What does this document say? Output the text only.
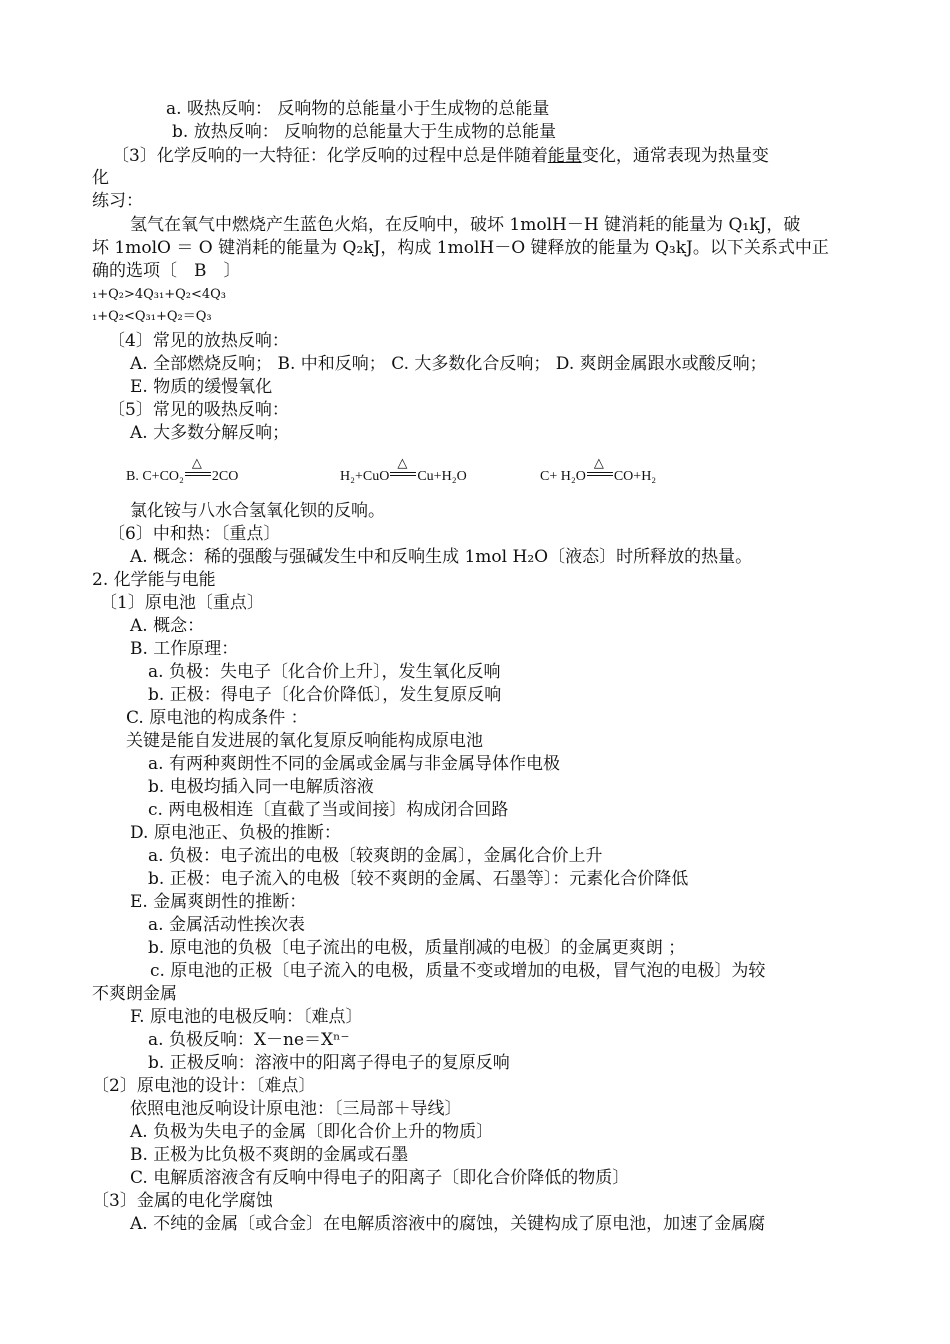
a. 吸热反响： 反响物的总能量小于生成物的总能量
b. 放热反响： 反响物的总能量大于生成物的总能量
〔3〕化学反响的一大特征：化学反响的过程中总是伴随着能量变化，通常表现为热量变
化
练习：
氢气在氧气中燃烧产生蓝色火焰，在反响中，破坏 1molH－H 键消耗的能量为 Q₁kJ，破
坏 1molO ＝ O 键消耗的能量为 Q₂kJ，构成 1molH－O 键释放的能量为 Q₃kJ。以下关系式中正
确的选项〔　B　〕
₁+Q₂>4Q₃₁+Q₂<4Q₃
₁+Q₂<Q₃₁+Q₂＝Q₃
〔4〕常见的放热反响：
A. 全部燃烧反响； B. 中和反响； C. 大多数化合反响； D. 爽朗金属跟水或酸反响；
E. 物质的缓慢氧化
〔5〕常见的吸热反响：
A. 大多数分解反响；
B. C+CO₂
△
2CO	H₂+CuO
△
Cu+H₂O	C+ H₂O
△
CO+H₂
氯化铵与八水合氢氧化钡的反响。
〔6〕中和热：〔重点〕
A. 概念：稀的强酸与强碱发生中和反响生成 1mol H₂O〔液态〕时所释放的热量。
2. 化学能与电能
〔1〕原电池〔重点〕
A. 概念：
B. 工作原理：
a. 负极：失电子〔化合价上升〕，发生氧化反响
b. 正极：得电子〔化合价降低〕，发生复原反响
C. 原电池的构成条件 ：
关键是能自发进展的氧化复原反响能构成原电池
a. 有两种爽朗性不同的金属或金属与非金属导体作电极
b. 电极均插入同一电解质溶液
c. 两电极相连〔直截了当或间接〕构成闭合回路
D. 原电池正、负极的推断：
a. 负极：电子流出的电极〔较爽朗的金属〕，金属化合价上升
b. 正极：电子流入的电极〔较不爽朗的金属、石墨等〕：元素化合价降低
E. 金属爽朗性的推断：
a. 金属活动性挨次表
b. 原电池的负极〔电子流出的电极，质量削减的电极〕的金属更爽朗 ；
c. 原电池的正极〔电子流入的电极，质量不变或增加的电极，冒气泡的电极〕为较
不爽朗金属
F. 原电池的电极反响：〔难点〕
a. 负极反响：X－ne＝Xⁿ⁻
b. 正极反响：溶液中的阳离子得电子的复原反响
〔2〕原电池的设计：〔难点〕
依照电池反响设计原电池：〔三局部＋导线〕
A. 负极为失电子的金属〔即化合价上升的物质〕
B. 正极为比负极不爽朗的金属或石墨
C. 电解质溶液含有反响中得电子的阳离子〔即化合价降低的物质〕
〔3〕金属的电化学腐蚀
A. 不纯的金属〔或合金〕在电解质溶液中的腐蚀，关键构成了原电池，加速了金属腐
